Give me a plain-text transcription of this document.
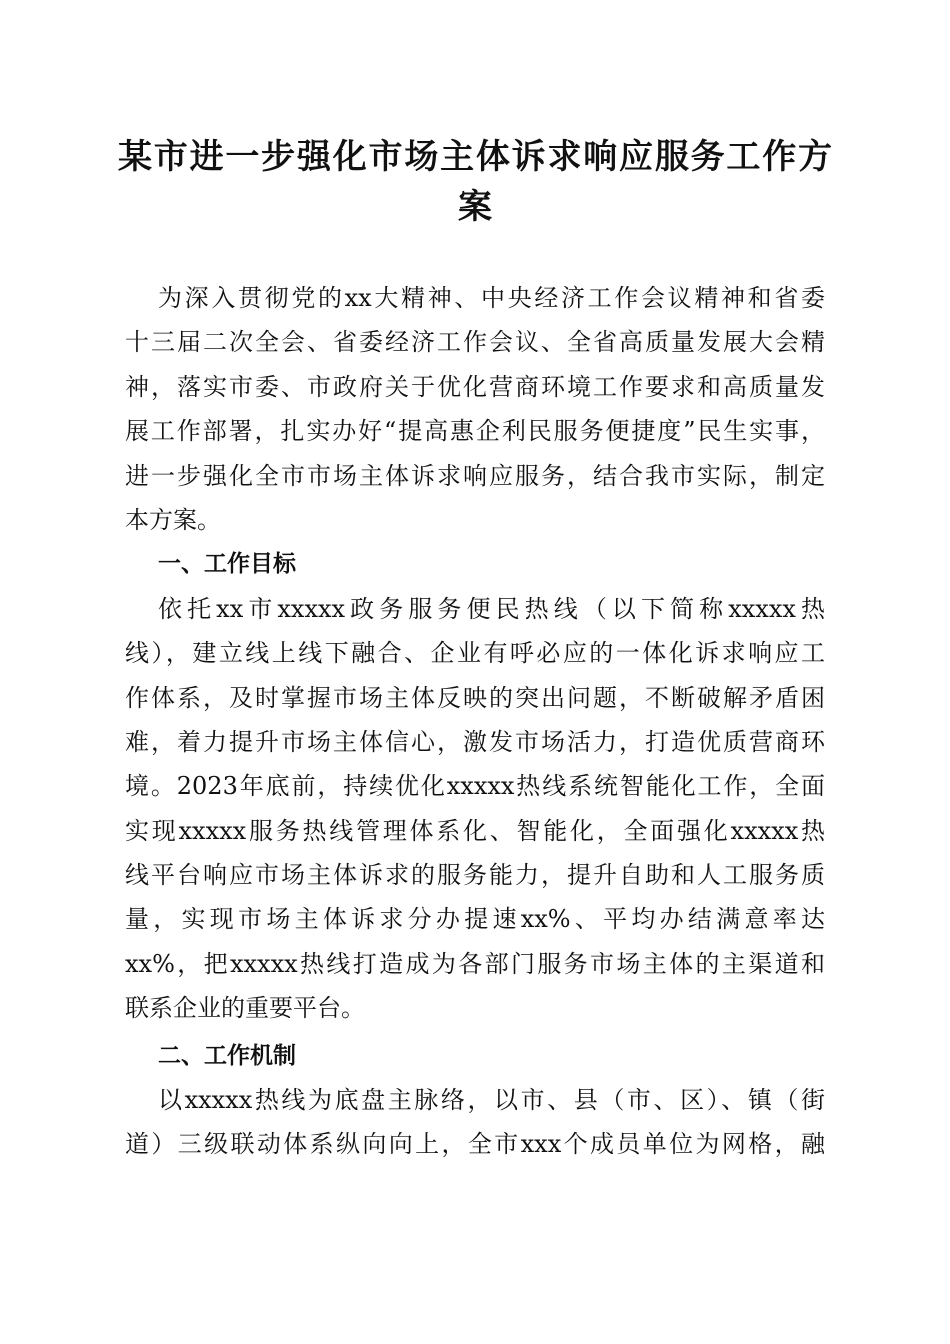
某市进一步强化市场主体诉求响应服务工作方
案
为深入贯彻党的xx大精神、中央经济工作会议精神和省委
十三届二次全会、省委经济工作会议、全省高质量发展大会精
神，落实市委、市政府关于优化营商环境工作要求和高质量发
展工作部署，扎实办好“提高惠企利民服务便捷度”民生实事，
进一步强化全市市场主体诉求响应服务，结合我市实际，制定
本方案。
一、工作目标
依托xx市xxxxx政务服务便民热线（以下简称xxxxx热
线），建立线上线下融合、企业有呼必应的一体化诉求响应工
作体系，及时掌握市场主体反映的突出问题，不断破解矛盾困
难，着力提升市场主体信心，激发市场活力，打造优质营商环
境。2023年底前，持续优化xxxxx热线系统智能化工作，全面
实现xxxxx服务热线管理体系化、智能化，全面强化xxxxx热
线平台响应市场主体诉求的服务能力，提升自助和人工服务质
量，实现市场主体诉求分办提速xx%、平均办结满意率达
xx%，把xxxxx热线打造成为各部门服务市场主体的主渠道和
联系企业的重要平台。
二、工作机制
以xxxxx热线为底盘主脉络，以市、县（市、区）、镇（街
道）三级联动体系纵向向上，全市xxx个成员单位为网格，融
